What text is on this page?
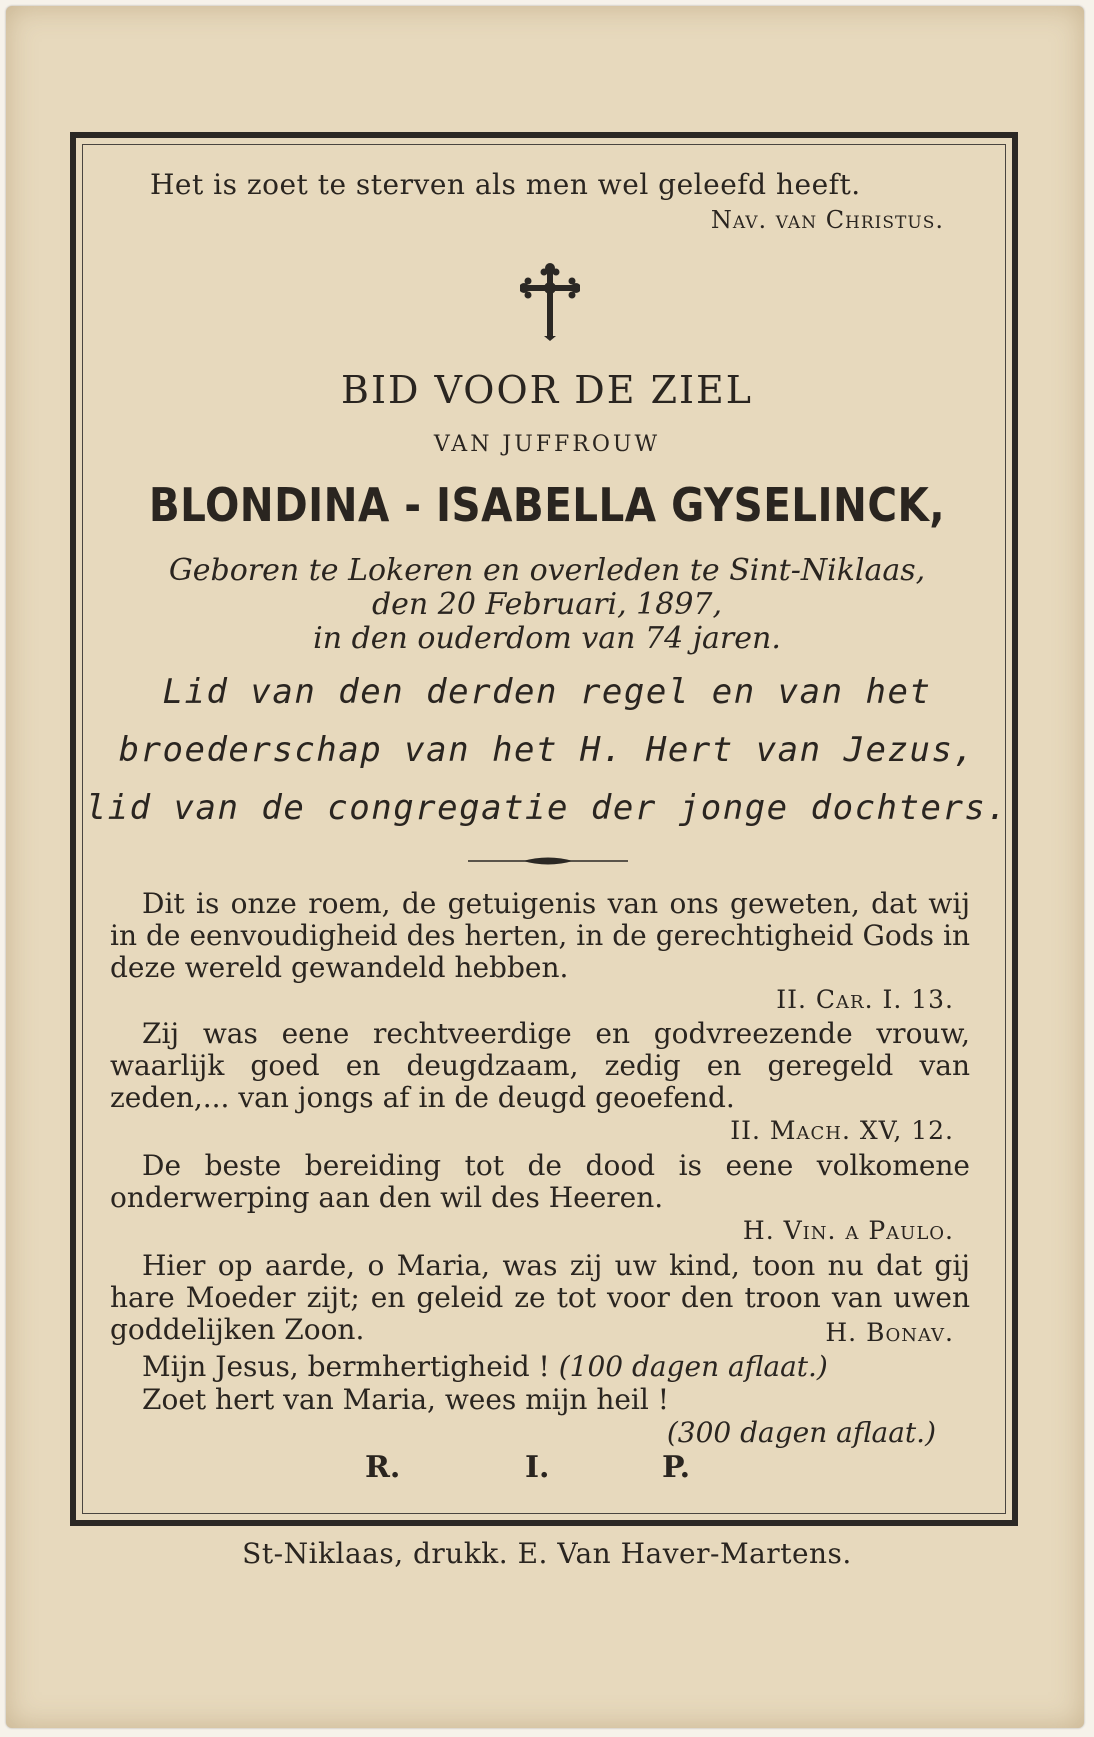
Het is zoet te sterven als men wel geleefd heeft.
Nav. van Christus.
BID VOOR DE ZIEL
VAN JUFFROUW
BLONDINA - ISABELLA GYSELINCK,
Geboren te Lokeren en overleden te Sint-Niklaas,
den 20 Februari, 1897,
in den ouderdom van 74 jaren.
Lid van den derden regel en van het
broederschap van het H. Hert van Jezus,
lid van de congregatie der jonge dochters.
Dit is onze roem, de getuigenis van ons geweten, dat wij in de eenvoudigheid des herten, in de gerechtigheid Gods in deze wereld gewandeld hebben.
II. Car. I. 13.
Zij was eene rechtveerdige en godvreezende vrouw, waarlijk goed en deugdzaam, zedig en geregeld van zeden,... van jongs af in de deugd geoefend.
II. Mach. XV, 12.
De beste bereiding tot de dood is eene volkomene onderwerping aan den wil des Heeren.
H. Vin. a Paulo.
Hier op aarde, o Maria, was zij uw kind, toon nu dat gij hare Moeder zijt; en geleid ze tot voor den troon van uwen goddelijken Zoon.	H. Bonav.
Mijn Jesus, bermhertigheid ! (100 dagen aflaat.)
Zoet hert van Maria, wees mijn heil !
(300 dagen aflaat.)
R.	I.	P.
St-Niklaas, drukk. E. Van Haver-Martens.
